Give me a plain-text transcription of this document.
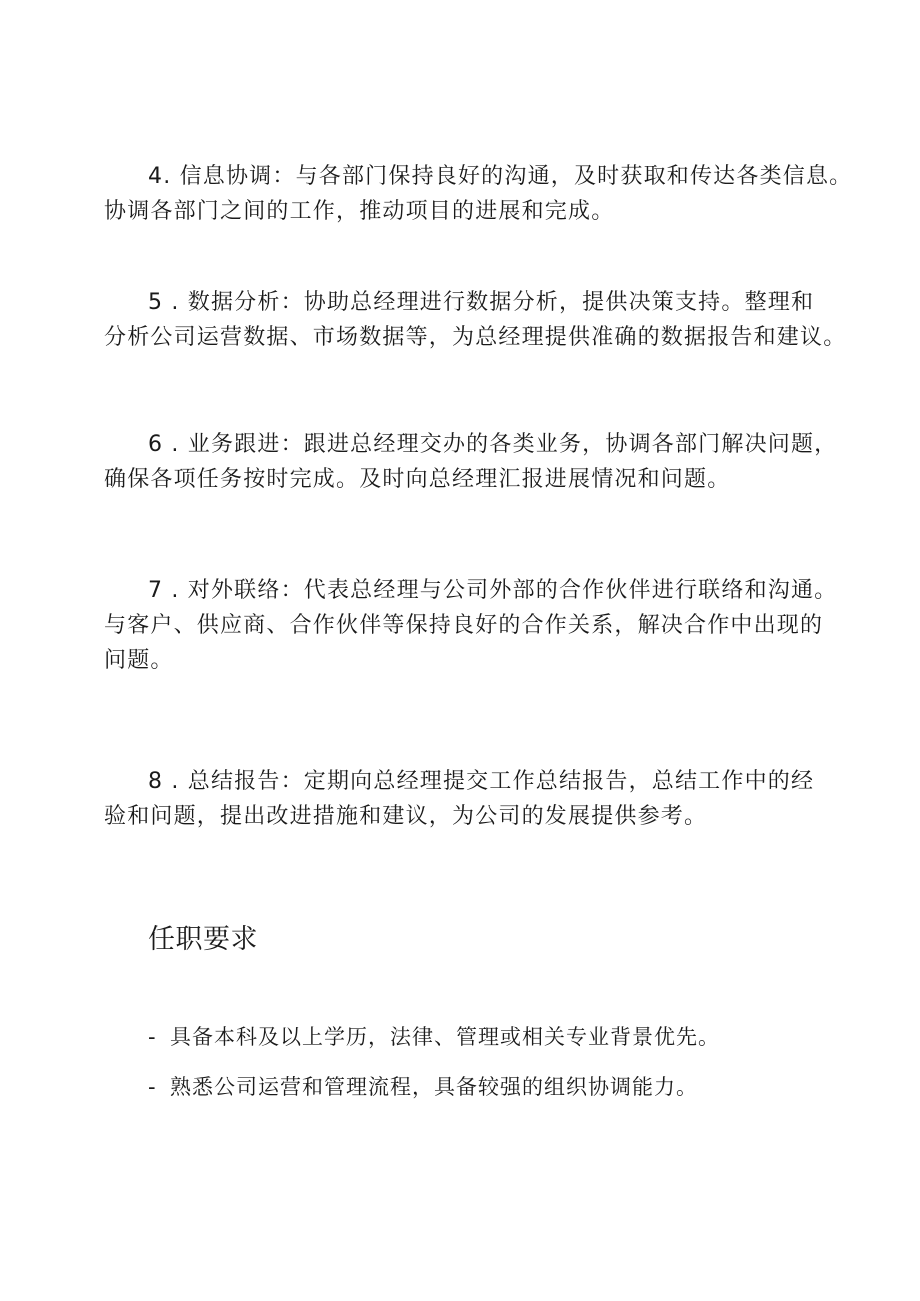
4. 信息协调：与各部门保持良好的沟通，及时获取和传达各类信息。
协调各部门之间的工作，推动项目的进展和完成。

5 . 数据分析：协助总经理进行数据分析，提供决策支持。整理和
分析公司运营数据、市场数据等，为总经理提供准确的数据报告和建议。

6 . 业务跟进：跟进总经理交办的各类业务，协调各部门解决问题，
确保各项任务按时完成。及时向总经理汇报进展情况和问题。

7 . 对外联络：代表总经理与公司外部的合作伙伴进行联络和沟通。
与客户、供应商、合作伙伴等保持良好的合作关系，解决合作中出现的
问题。

8 . 总结报告：定期向总经理提交工作总结报告，总结工作中的经
验和问题，提出改进措施和建议，为公司的发展提供参考。

任职要求

- 具备本科及以上学历，法律、管理或相关专业背景优先。

- 熟悉公司运营和管理流程，具备较强的组织协调能力。
